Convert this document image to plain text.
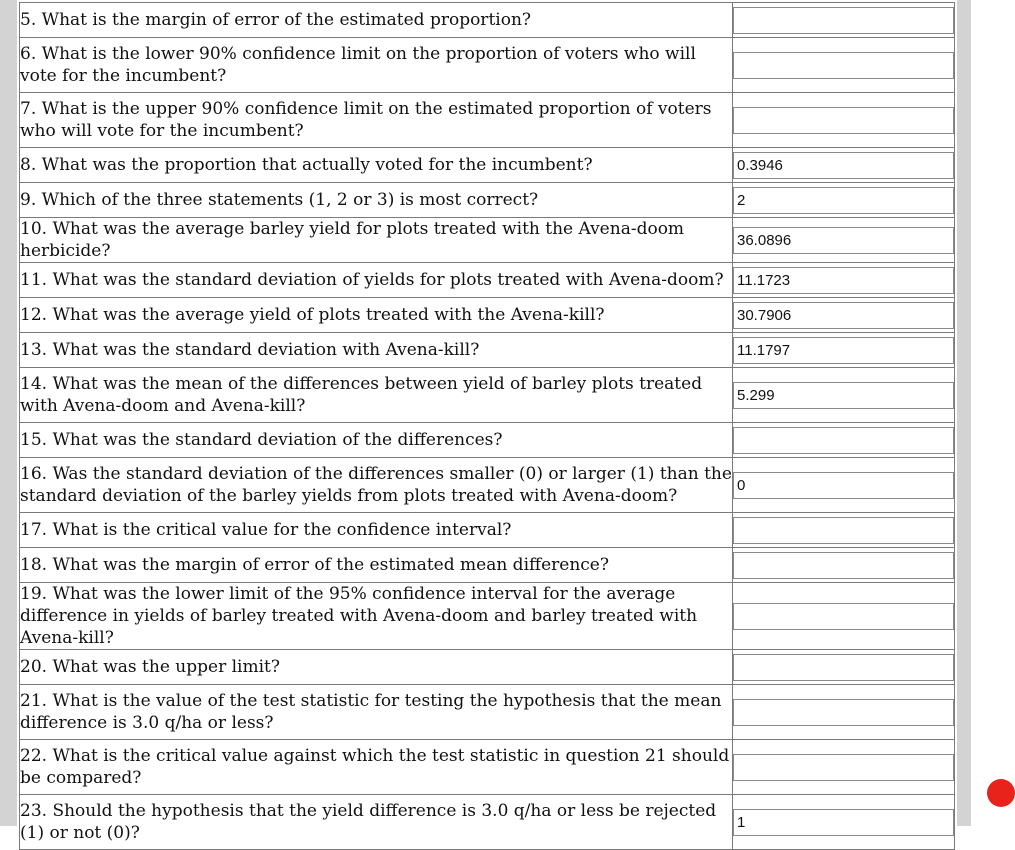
5. What is the margin of error of the estimated proportion?	

6. What is the lower 90% confidence limit on the proportion of voters who will vote for the incumbent?	

7. What is the upper 90% confidence limit on the estimated proportion of voters who will vote for the incumbent?	

8. What was the proportion that actually voted for the incumbent?	0.3946

9. Which of the three statements (1, 2 or 3) is most correct?	2

10. What was the average barley yield for plots treated with the Avena-doom herbicide?	36.0896

11. What was the standard deviation of yields for plots treated with Avena-doom?	11.1723

12. What was the average yield of plots treated with the Avena-kill?	30.7906

13. What was the standard deviation with Avena-kill?	11.1797

14. What was the mean of the differences between yield of barley plots treated with Avena-doom and Avena-kill?	5.299

15. What was the standard deviation of the differences?	

16. Was the standard deviation of the differences smaller (0) or larger (1) than the standard deviation of the barley yields from plots treated with Avena-doom?	0

17. What is the critical value for the confidence interval?	

18. What was the margin of error of the estimated mean difference?	

19. What was the lower limit of the 95% confidence interval for the average difference in yields of barley treated with Avena-doom and barley treated with Avena-kill?	

20. What was the upper limit?	

21. What is the value of the test statistic for testing the hypothesis that the mean difference is 3.0 q/ha or less?	

22. What is the critical value against which the test statistic in question 21 should be compared?	

23. Should the hypothesis that the yield difference is 3.0 q/ha or less be rejected (1) or not (0)?	1
